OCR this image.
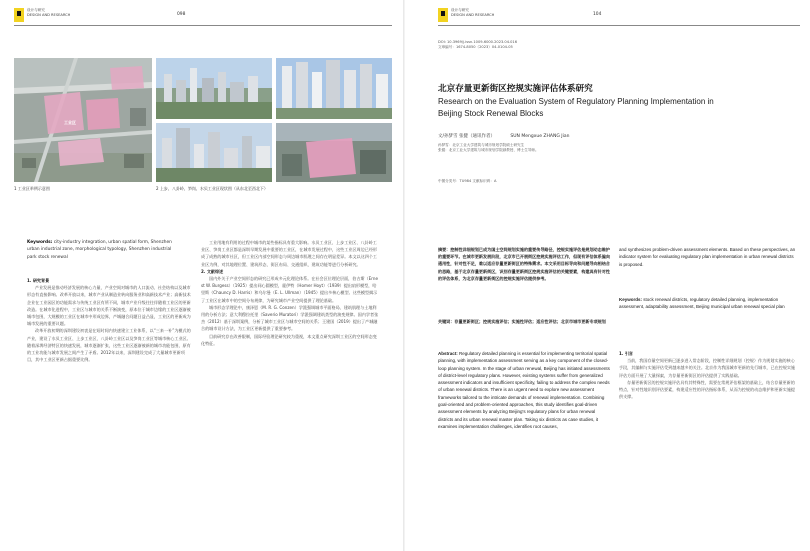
设计与研究
DESIGN AND RESEARCH	098
工业区
1 工业区举例示意图	2 上步、八卦岭、笋岗、水贝工业区现状图（从东北至西北下）
Keywords: city-industry integration, urban spatial form, Shenzhen urban industrial zone, morphological typology, Shenzhen industrial park stock renewal

1. 研究背景

产业发展是推动经济发展的核心力量，产业空间对城市的人口流动、社会结构以及城市形态有直接影响。改革开放以来，城市产业从制造业转向服务业和高新技术产业；高新技术企业在工业园区的功能需求与传统工业区有所不同，城市产业升级往往伴随着工业区的更新改造。在城市化进程中，工业区与城市的关系不断演变，原本位于城市边缘的工业区逐渐被城市包围，大规模的工业区在城市中形成边界，产城融合问题日益凸显，工业区的更新成为城市发展的重要议题。

改革开放初期的深圳建设初衷是在短时间内快速建立工业体系，以“三来一补”为模式的产业，建设了水贝工业区、上步工业区、八卦岭工业区以及笋岗工业区等城市核心工业区。随着深圳经济特区的快速发展，城市逐渐扩张，这些工业区逐渐被新的城市功能包围，原有的工业功能与城市发展之间产生了矛盾。2012年以来，深圳建设完成了大量城市更新项目，其中工业区更新占据重要比例。

工业用地有利用的过程中城市的某些指标具有重大影响。水贝工业区、上步工业区、八卦岭工业区、笋岗工业区都是深圳早期发展中重要的工业区，在城市发展过程中，这些工业区周边已经形成了成熟的城市社区，但工业区内部空间形态与周边城市肌理之间存在明显差异。本文以这四个工业区为例，对其地理位置、建筑形态、街区布局、交通组织、建筑功能等进行分析研究。

2. 文献综述

国内外关于产业空间形态的研究已形成多元化理论体系。在社会区位理论层面，伯吉斯（Ernest W. Burgess）（1925）提出同心圆模型，霍伊特（Homer Hoyt）（1939）提出扇形模型，哈里斯（Chauncy D. Harris）和乌尔曼（E. L. Ullman）（1945）提出多核心模型。这些模型揭示了工业区在城市中的空间分布规律，为研究城市产业空间提供了理论基础。

城市形态学理论中，康泽恩（M. R. G. Conzen）学派强调城市平面格局、建筑肌理与土地利用的分析方法；意大利穆拉托里（Saverio Muratori）学派强调建筑类型的演变规律。国内学者张杰（2012）基于深圳案例，分析了城市工业区与城市空间的关系；王建国（2019）提出了产城融合的城市设计方法，为工业区更新提供了重要参考。

目前研究存在改善限制，国际经验理论研究较为重视，本文重点研究深圳工业区的空间形态变化特征。

设计与研究
DESIGN AND RESEARCH	104
DOI: 10.3969/j.issn.1009-6000.2023.04.016
文章编号：1674-8050（2023）04-0104-05
北京存量更新街区控规实施评估体系研究
Research on the Evaluation System of Regulatory Planning Implementation in Beijing Stock Renewal Blocks
文/孙梦雪 张健（通讯作者）	SUN Mengxue ZHANG Jian
孙梦雪：北京工业大学建筑与城市规划学院硕士研究生
张健：北京工业大学建筑与城市规划学院副教授、博士生导师。
中图分类号：TU984 文献标识码：A
摘要：控制性详细规划已成为国土空间规划实施的重要传导路径，控规实施评估是规划动态维护的重要环节。在城市更新发展阶段，北京市已开展街区控规实施评估工作，但现有评估体系偏向通用性，针对性不足，难以适应存量更新街区的特殊需求。本文采用目标导向和问题导向相结合的思路，基于北京存量更新街区，识别存量更新街区控规实施评估的关键要素，构建具有针对性的评估体系，为北京存量更新街区的控规实施评估提供参考。
关键词：存量更新街区；控规实施评估；实施性评估；适应性评估；北京市城市更新专项规划
Abstract: Regulatory detailed planning is essential for implementing territorial spatial planning, with implementation assessment serving as a key component of the closed-loop planning system. In the stage of urban renewal, Beijing has initiated assessments of district-level regulatory plans. However, existing systems suffer from generalized assessment indicators and insufficient specificity, failing to address the complex needs of urban renewal districts. There is an urgent need to explore new assessment frameworks tailored to the intricate demands of renewal implementation. Combining goal-oriented and problem-oriented approaches, this study identifies goal-driven assessment elements by analyzing Beijing's regulatory plans for urban renewal districts and its urban renewal master plan. Taking six districts as case studies, it examines implementation challenges, identifies root causes,
and synthesizes problem-driven assessment elements. Based on these perspectives, an indicator system for evaluating regulatory plan implementation in urban renewal districts is proposed.
Keywords: stock renewal districts, regulatory detailed planning, implementation assessment, adaptability assessment, Beijing municipal urban renewal special plan

1. 引言

当前，我国存量空间更新已逐步进入常态阶段，控制性详细规划（控规）作为规划实施的核心手段，其编制与实施评估受到越来越多的关注。北京作为我国城市更新的先行城市，已在控规实施评估方面开展了大量探索，为存量更新街区的评估提供了实践基础。

存量更新街区的控规实施评估具有其特殊性，需要在常规评估框架的基础上，结合存量更新的特点，针对性地识别评估要素，构建适应性的评估指标体系，从而为控规的动态维护和更新实施提供支撑。
